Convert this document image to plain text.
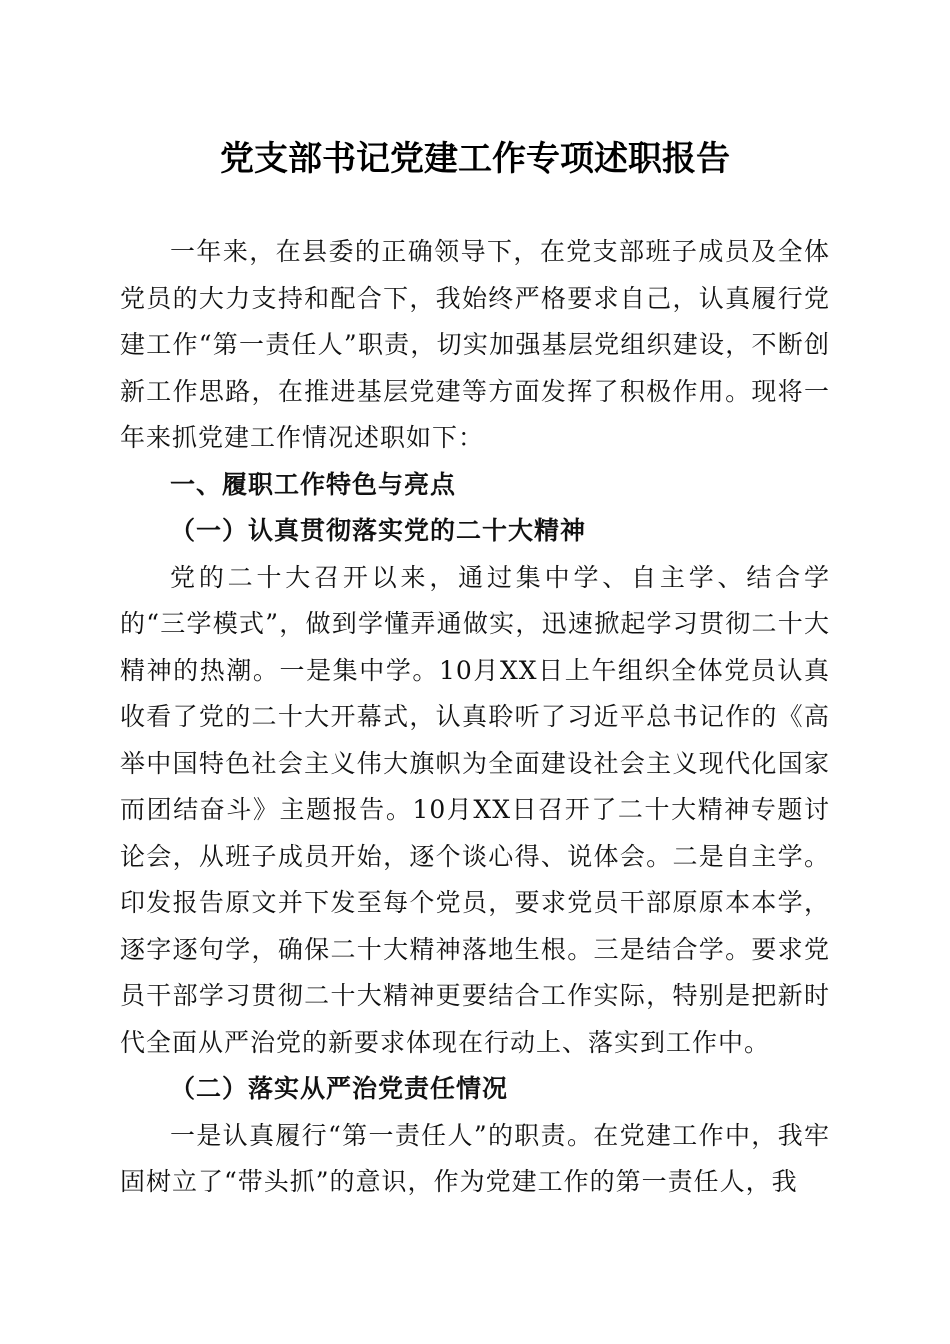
党支部书记党建工作专项述职报告

一年来，在县委的正确领导下，在党支部班子成员及全体党员的大力支持和配合下，我始终严格要求自己，认真履行党建工作“第一责任人”职责，切实加强基层党组织建设，不断创新工作思路，在推进基层党建等方面发挥了积极作用。现将一年来抓党建工作情况述职如下：

一、履职工作特色与亮点

（一）认真贯彻落实党的二十大精神

党的二十大召开以来，通过集中学、自主学、结合学的“三学模式”，做到学懂弄通做实，迅速掀起学习贯彻二十大精神的热潮。一是集中学。10月XX日上午组织全体党员认真收看了党的二十大开幕式，认真聆听了习近平总书记作的《高举中国特色社会主义伟大旗帜为全面建设社会主义现代化国家而团结奋斗》主题报告。10月XX日召开了二十大精神专题讨论会，从班子成员开始，逐个谈心得、说体会。二是自主学。印发报告原文并下发至每个党员，要求党员干部原原本本学，逐字逐句学，确保二十大精神落地生根。三是结合学。要求党员干部学习贯彻二十大精神更要结合工作实际，特别是把新时代全面从严治党的新要求体现在行动上、落实到工作中。

（二）落实从严治党责任情况

一是认真履行“第一责任人”的职责。在党建工作中，我牢固树立了“带头抓”的意识，作为党建工作的第一责任人，我
